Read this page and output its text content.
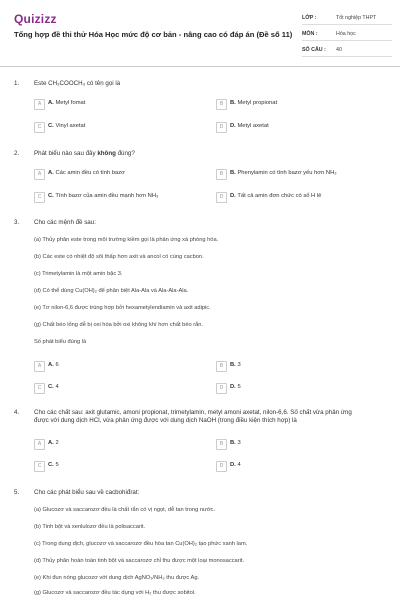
Quizizz
Tổng hợp đề thi thử Hóa Học mức độ cơ bản - nâng cao có đáp án (Đề số 11)
LỚP :	Tốt nghiệp THPT
MÔN :	Hóa học
SỐ CÂU :	40
1. Este CH₃COOCH₃ có tên gọi là
A	A. Metyl fomat	B	B. Metyl propionat
C	C. Vinyl axetat	D	D. Metyl axetat
2. Phát biểu nào sau đây không đúng?
A	A. Các amin đều có tính bazơ	B	B. Phenylamin có tính bazơ yếu hơn NH₃
C	C. Tính bazơ của amin đều mạnh hơn NH₃	D	D. Tất cả amin đơn chức có số H lẻ
3. Cho các mệnh đề sau:
(a) Thủy phân este trong môi trường kiềm gọi là phản ứng xà phòng hóa.
(b) Các este có nhiệt độ sôi thấp hơn axit và ancol có cùng cacbon.
(c) Trimetylamin là một amin bậc 3.
(d) Có thể dùng Cu(OH)₂ để phân biệt Ala-Ala và Ala-Ala-Ala.
(e) Tơ nilon-6,6 được trùng hợp bởi hexametylendiamin và axit adipic.
(g) Chất béo lỏng dễ bị oxi hóa bởi oxi không khí hơn chất béo rắn.
Số phát biểu đúng là
A	A. 6	B	B. 3
C	C. 4	D	D. 5
4. Cho các chất sau: axit glutamic, amoni propionat, trimetylamin, metyl amoni axetat, nilon-6,6. Số chất vừa phản ứng
được với dung dịch HCl, vừa phản ứng được với dung dịch NaOH (trong điều kiện thích hợp) là
A	A. 2	B	B. 3
C	C. 5	D	D. 4
5. Cho các phát biểu sau về cacbohiđrat:
(a) Glucozơ và saccarozơ đều là chất rắn có vị ngọt, dễ tan trong nước.
(b) Tinh bột và xenlulozơ đều là polisaccarit.
(c) Trong dung dịch, glucozơ và saccarozơ đều hòa tan Cu(OH)₂ tạo phức xanh lam.
(d) Thủy phân hoàn toàn tinh bột và saccarozơ chỉ thu được một loại monosaccarit.
(e) Khi đun nóng glucozơ với dung dịch AgNO₃/NH₃ thu được Ag.
(g) Glucozơ và saccarozơ đều tác dụng với H₂ thu được sobitol.
